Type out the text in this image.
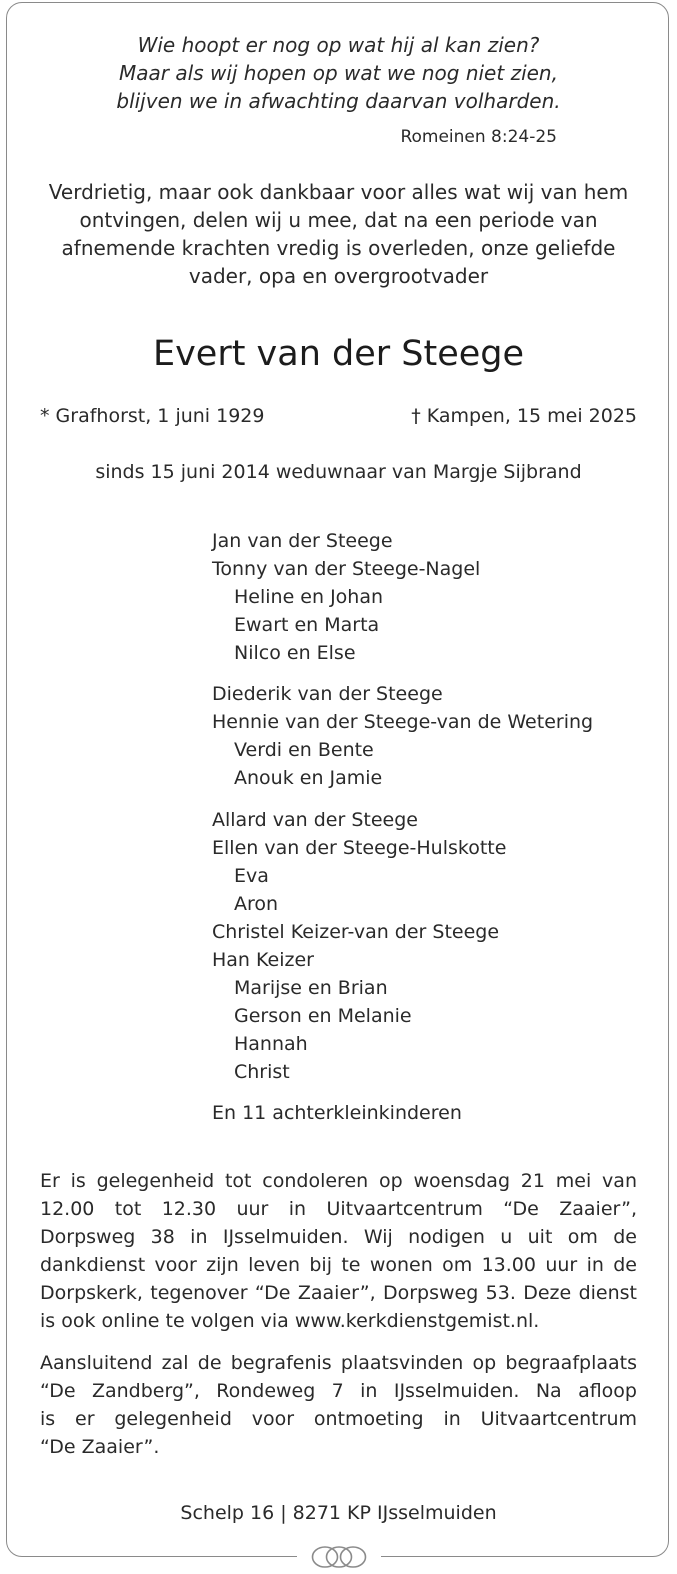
Wie hoopt er nog op wat hij al kan zien?
Maar als wij hopen op wat we nog niet zien,
blijven we in afwachting daarvan volharden.
Romeinen 8:24-25
Verdrietig, maar ook dankbaar voor alles wat wij van hem
ontvingen, delen wij u mee, dat na een periode van
afnemende krachten vredig is overleden, onze geliefde
vader, opa en overgrootvader
Evert van der Steege
* Grafhorst, 1 juni 1929	† Kampen, 15 mei 2025
sinds 15 juni 2014 weduwnaar van Margje Sijbrand
Jan van der Steege
Tonny van der Steege-Nagel
Heline en Johan
Ewart en Marta
Nilco en Else
Diederik van der Steege
Hennie van der Steege-van de Wetering
Verdi en Bente
Anouk en Jamie
Allard van der Steege
Ellen van der Steege-Hulskotte
Eva
Aron
Christel Keizer-van der Steege
Han Keizer
Marijse en Brian
Gerson en Melanie
Hannah
Christ
En 11 achterkleinkinderen
Er is gelegenheid tot condoleren op woensdag 21 mei van
12.00 tot 12.30 uur in Uitvaartcentrum “De Zaaier”,
Dorpsweg 38 in IJsselmuiden. Wij nodigen u uit om de
dankdienst voor zijn leven bij te wonen om 13.00 uur in de
Dorpskerk, tegenover “De Zaaier”, Dorpsweg 53. Deze dienst
is ook online te volgen via www.kerkdienstgemist.nl.
Aansluitend zal de begrafenis plaatsvinden op begraafplaats
“De Zandberg”, Rondeweg 7 in IJsselmuiden. Na afloop
is er gelegenheid voor ontmoeting in Uitvaartcentrum
“De Zaaier”.
Schelp 16 | 8271 KP IJsselmuiden
